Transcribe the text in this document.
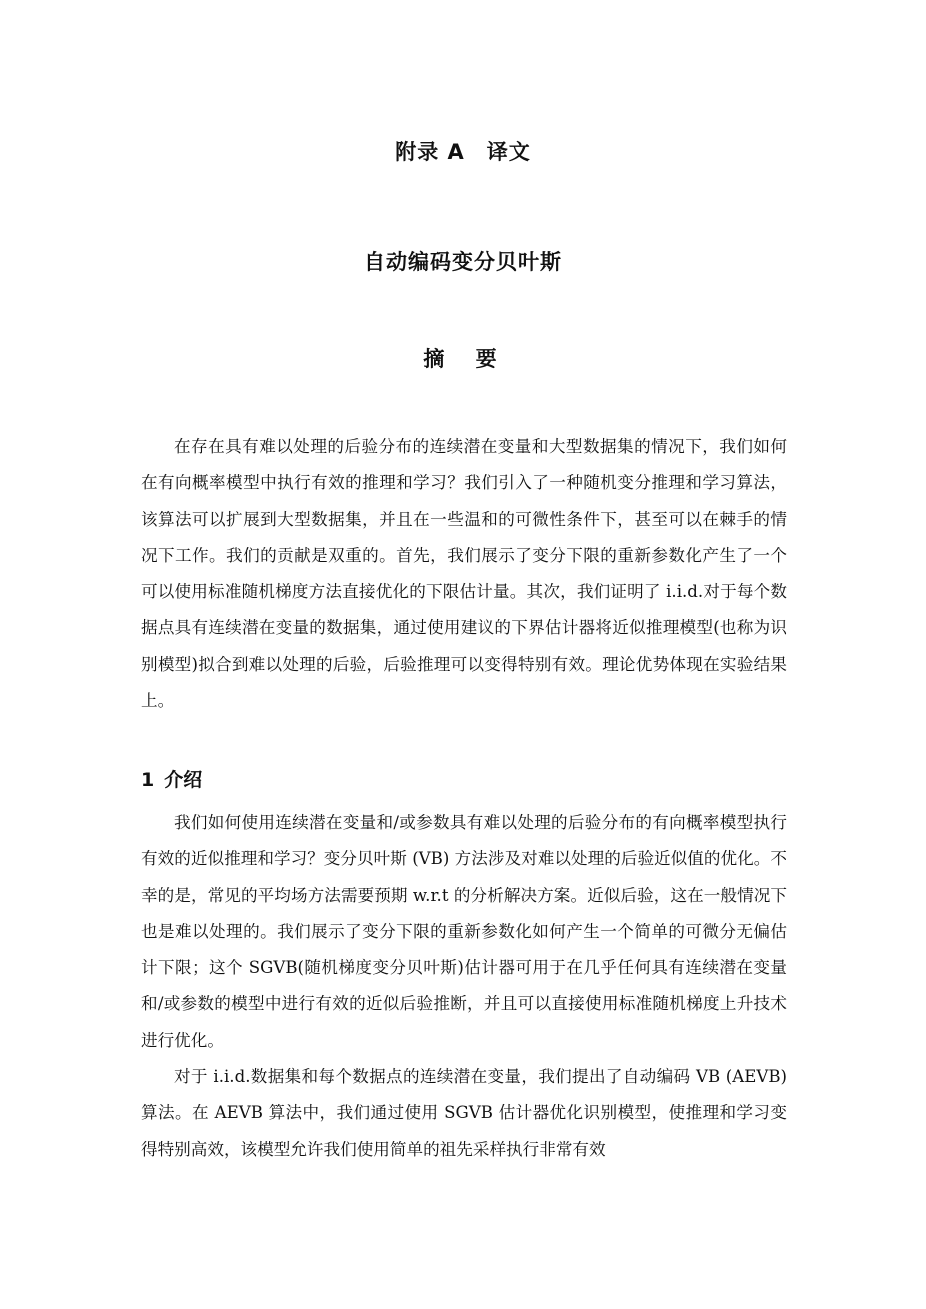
附录 A　译文
自动编码变分贝叶斯
摘 要

在存在具有难以处理的后验分布的连续潜在变量和大型数据集的情况下，我们如何在有向概率模型中执行有效的推理和学习？我们引入了一种随机变分推理和学习算法，该算法可以扩展到大型数据集，并且在一些温和的可微性条件下，甚至可以在棘手的情况下工作。我们的贡献是双重的。首先，我们展示了变分下限的重新参数化产生了一个可以使用标准随机梯度方法直接优化的下限估计量。其次，我们证明了 i.i.d.对于每个数据点具有连续潜在变量的数据集，通过使用建议的下界估计器将近似推理模型(也称为识别模型)拟合到难以处理的后验，后验推理可以变得特别有效。理论优势体现在实验结果上。

1 介绍

我们如何使用连续潜在变量和/或参数具有难以处理的后验分布的有向概率模型执行有效的近似推理和学习？变分贝叶斯 (VB) 方法涉及对难以处理的后验近似值的优化。不幸的是，常见的平均场方法需要预期 w.r.t 的分析解决方案。近似后验，这在一般情况下也是难以处理的。我们展示了变分下限的重新参数化如何产生一个简单的可微分无偏估计下限；这个 SGVB(随机梯度变分贝叶斯)估计器可用于在几乎任何具有连续潜在变量和/或参数的模型中进行有效的近似后验推断，并且可以直接使用标准随机梯度上升技术进行优化。

对于 i.i.d.数据集和每个数据点的连续潜在变量，我们提出了自动编码 VB (AEVB) 算法。在 AEVB 算法中，我们通过使用 SGVB 估计器优化识别模型，使推理和学习变得特别高效，该模型允许我们使用简单的祖先采样执行非常有效
